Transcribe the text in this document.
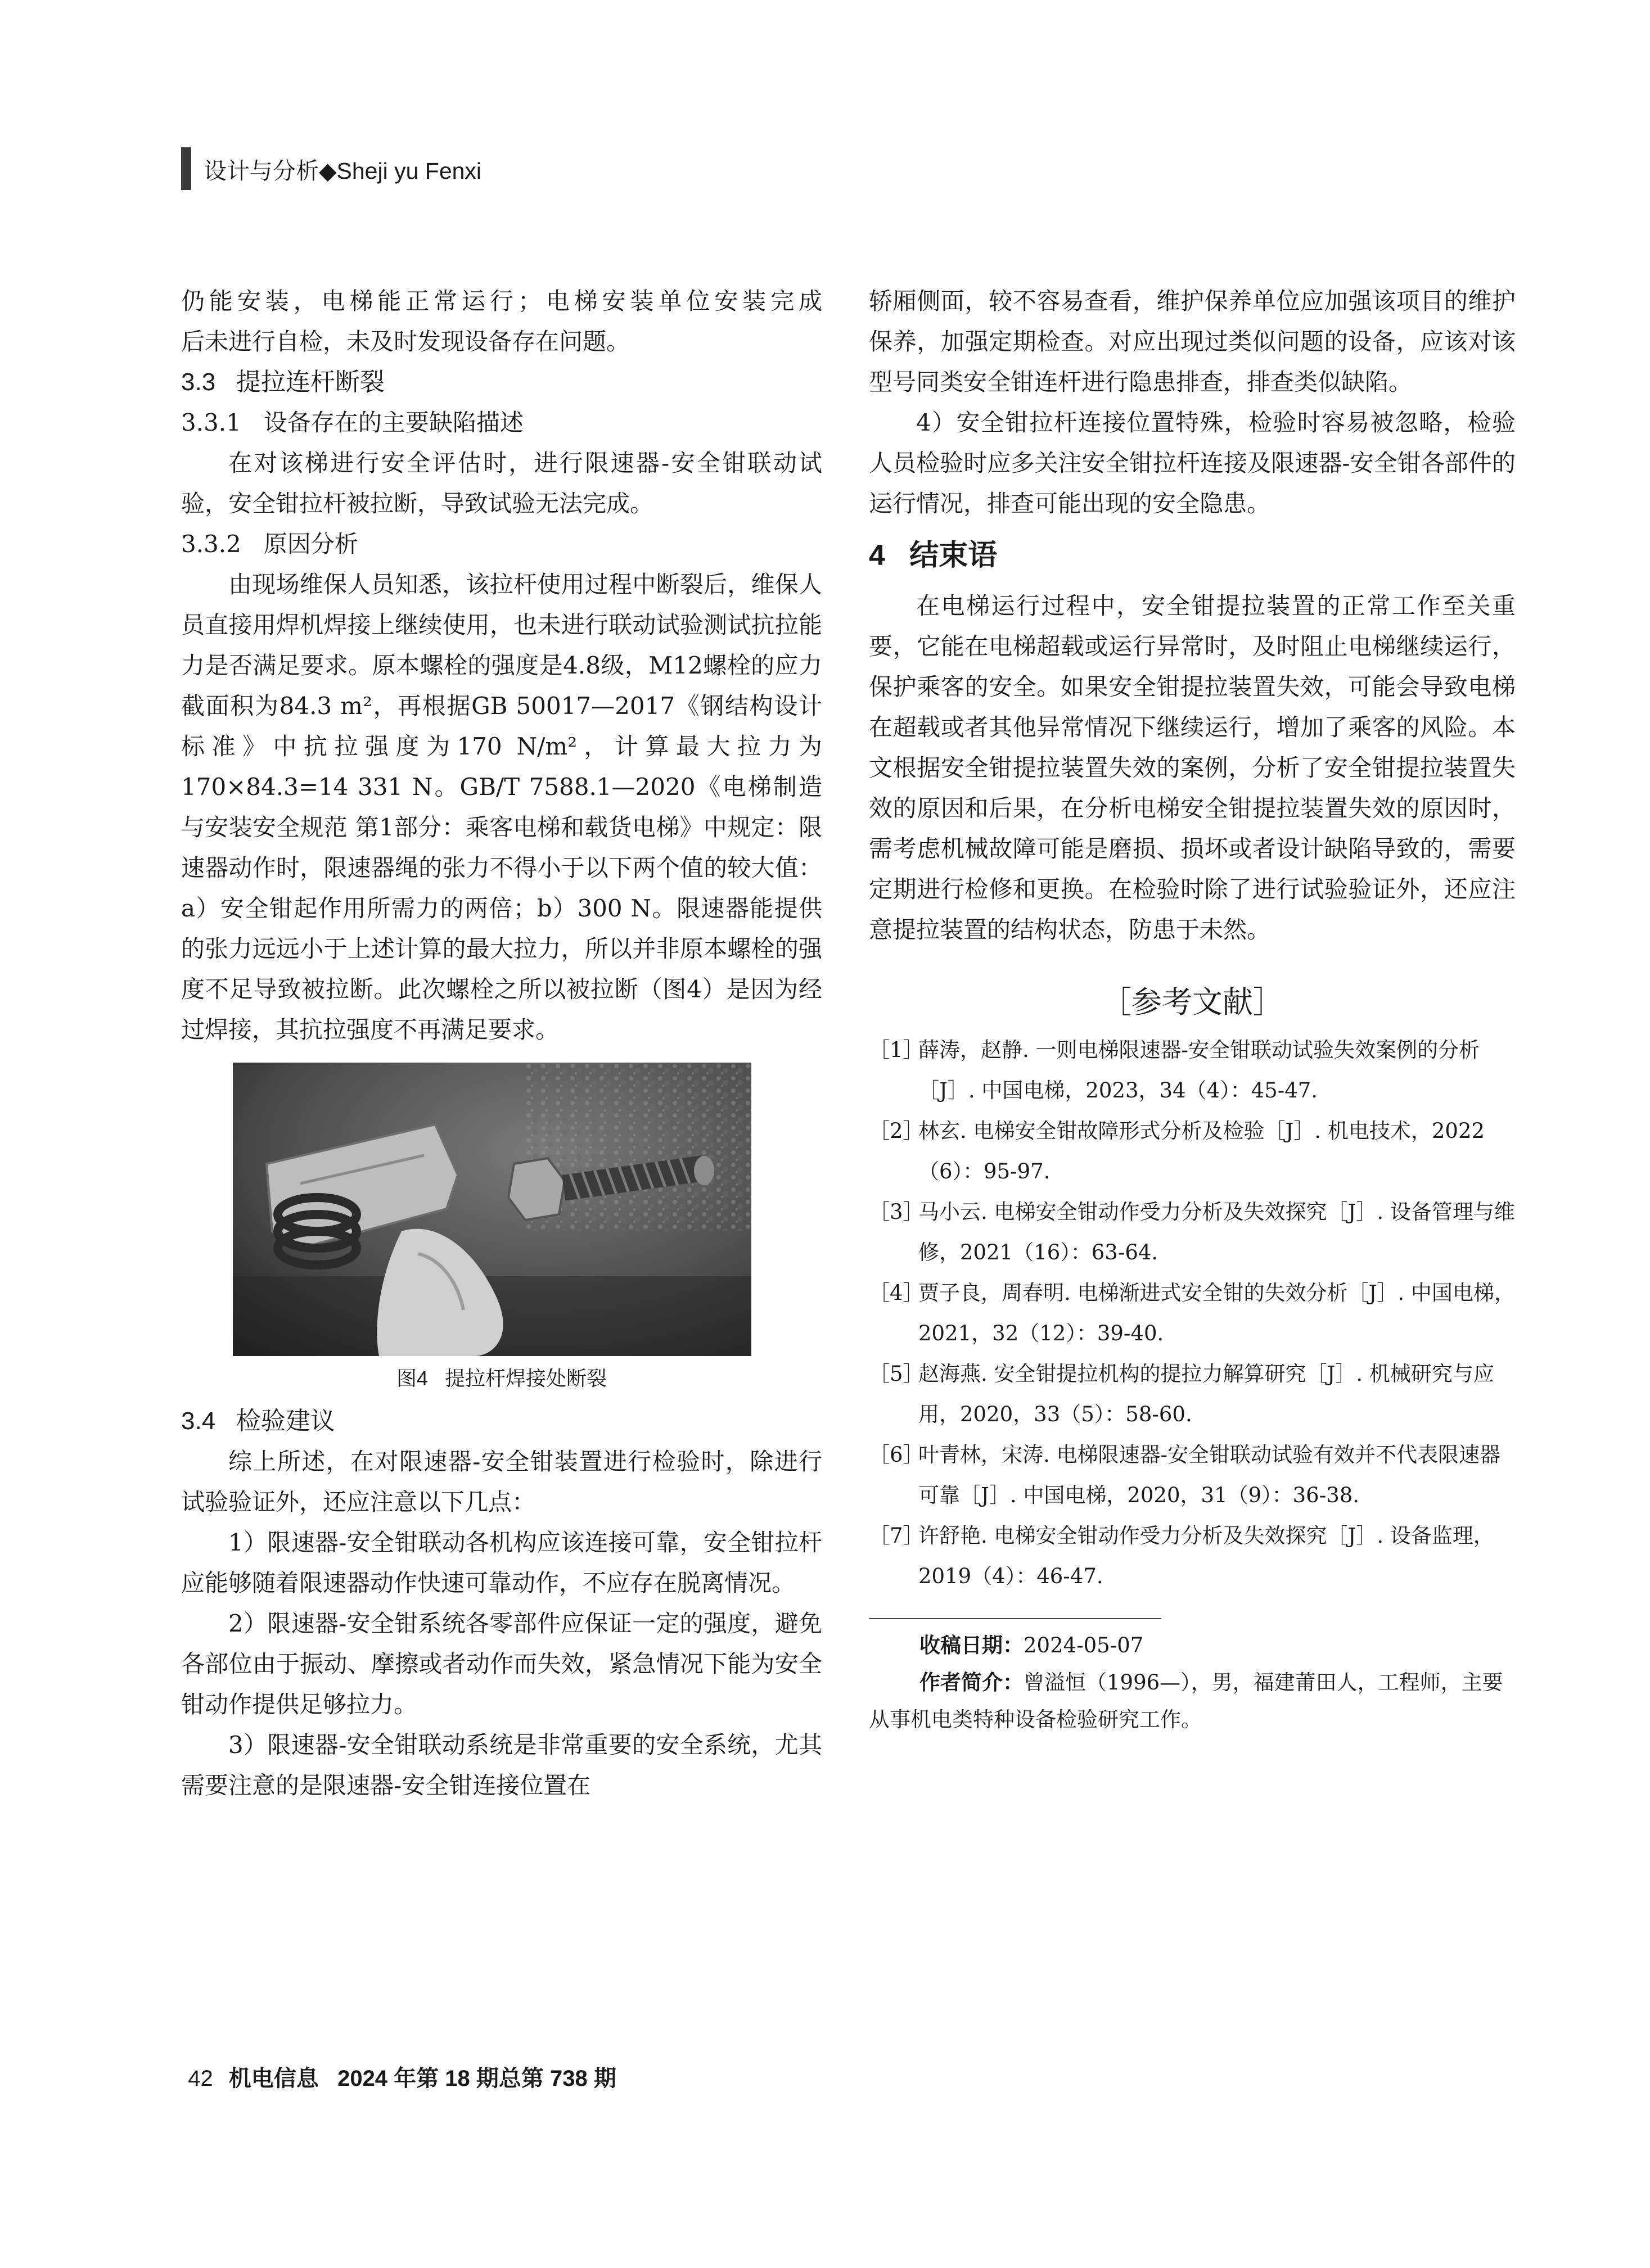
设计与分析◆Sheji yu Fenxi

仍能安装，电梯能正常运行；电梯安装单位安装完成

后未进行自检，未及时发现设备存在问题。

3.3   提拉连杆断裂

3.3.1   设备存在的主要缺陷描述

在对该梯进行安全评估时，进行限速器-安全钳联动试验，安全钳拉杆被拉断，导致试验无法完成。

3.3.2   原因分析

由现场维保人员知悉，该拉杆使用过程中断裂后，维保人员直接用焊机焊接上继续使用，也未进行联动试验测试抗拉能力是否满足要求。原本螺栓的强度是4.8级，M12螺栓的应力截面积为84.3 m²，再根据GB 50017—2017《钢结构设计标准》中抗拉强度为170 N/m²，计算最大拉力为170×84.3=14 331 N。GB/T 7588.1—2020《电梯制造与安装安全规范 第1部分：乘客电梯和载货电梯》中规定：限速器动作时，限速器绳的张力不得小于以下两个值的较大值：a）安全钳起作用所需力的两倍；b）300 N。限速器能提供的张力远远小于上述计算的最大拉力，所以并非原本螺栓的强度不足导致被拉断。此次螺栓之所以被拉断（图4）是因为经过焊接，其抗拉强度不再满足要求。

图4   提拉杆焊接处断裂

3.4   检验建议

综上所述，在对限速器-安全钳装置进行检验时，除进行试验验证外，还应注意以下几点：

1）限速器-安全钳联动各机构应该连接可靠，安全钳拉杆应能够随着限速器动作快速可靠动作，不应存在脱离情况。

2）限速器-安全钳系统各零部件应保证一定的强度，避免各部位由于振动、摩擦或者动作而失效，紧急情况下能为安全钳动作提供足够拉力。

3）限速器-安全钳联动系统是非常重要的安全系统，尤其需要注意的是限速器-安全钳连接位置在

轿厢侧面，较不容易查看，维护保养单位应加强该项目的维护保养，加强定期检查。对应出现过类似问题的设备，应该对该型号同类安全钳连杆进行隐患排查，排查类似缺陷。

4）安全钳拉杆连接位置特殊，检验时容易被忽略，检验人员检验时应多关注安全钳拉杆连接及限速器-安全钳各部件的运行情况，排查可能出现的安全隐患。

4   结束语

在电梯运行过程中，安全钳提拉装置的正常工作至关重要，它能在电梯超载或运行异常时，及时阻止电梯继续运行，保护乘客的安全。如果安全钳提拉装置失效，可能会导致电梯在超载或者其他异常情况下继续运行，增加了乘客的风险。本文根据安全钳提拉装置失效的案例，分析了安全钳提拉装置失效的原因和后果，在分析电梯安全钳提拉装置失效的原因时，需考虑机械故障可能是磨损、损坏或者设计缺陷导致的，需要定期进行检修和更换。在检验时除了进行试验验证外，还应注意提拉装置的结构状态，防患于未然。

［参考文献］
［1］
薛涛，赵静. 一则电梯限速器-安全钳联动试验失效案例的分析［J］. 中国电梯，2023，34（4）：45-47.
［2］
林玄. 电梯安全钳故障形式分析及检验［J］. 机电技术，2022（6）：95-97.
［3］
马小云. 电梯安全钳动作受力分析及失效探究［J］. 设备管理与维修，2021（16）：63-64.
［4］
贾子良，周春明. 电梯渐进式安全钳的失效分析［J］. 中国电梯，2021，32（12）：39-40.
［5］
赵海燕. 安全钳提拉机构的提拉力解算研究［J］. 机械研究与应用，2020，33（5）：58-60.
［6］
叶青林，宋涛. 电梯限速器-安全钳联动试验有效并不代表限速器可靠［J］. 中国电梯，2020，31（9）：36-38.
［7］
许舒艳. 电梯安全钳动作受力分析及失效探究［J］. 设备监理，2019（4）：46-47.

收稿日期：2024-05-07

作者简介：曾溢恒（1996—），男，福建莆田人，工程师，主要从事机电类特种设备检验研究工作。

42 机电信息   2024 年第 18 期总第 738 期
